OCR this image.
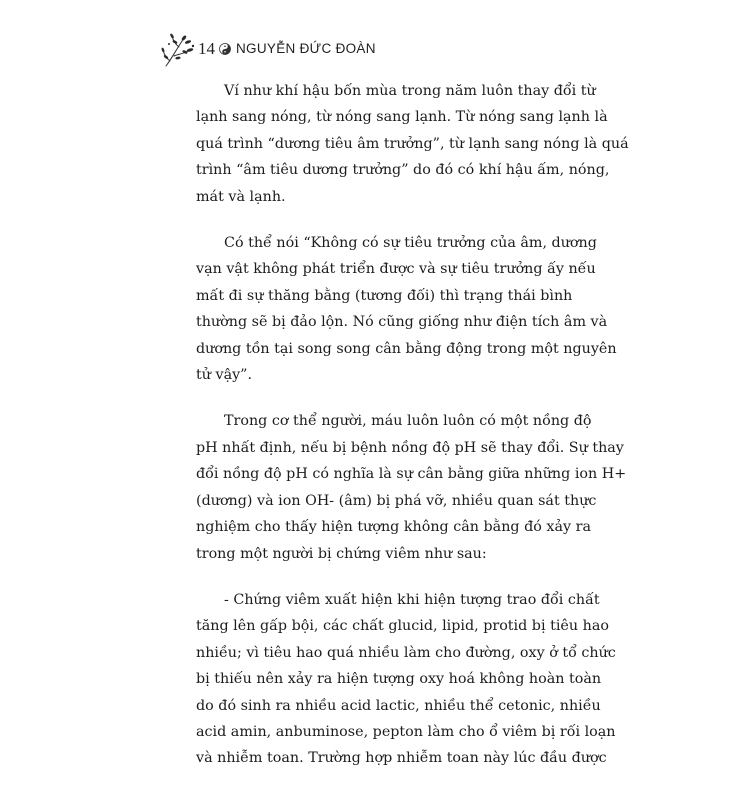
14 NGUYỄN ĐỨC ĐOÀN

Ví như khí hậu bốn mùa trong năm luôn thay đổi từ
lạnh sang nóng, từ nóng sang lạnh. Từ nóng sang lạnh là
quá trình “dương tiêu âm trưởng”, từ lạnh sang nóng là quá
trình “âm tiêu dương trưởng” do đó có khí hậu ấm, nóng,
mát và lạnh.

Có thể nói “Không có sự tiêu trưởng của âm, dương
vạn vật không phát triển được và sự tiêu trưởng ấy nếu
mất đi sự thăng bằng (tương đối) thì trạng thái bình
thường sẽ bị đảo lộn. Nó cũng giống như điện tích âm và
dương tồn tại song song cân bằng động trong một nguyên
tử vậy”.

Trong cơ thể người, máu luôn luôn có một nồng độ
pH nhất định, nếu bị bệnh nồng độ pH sẽ thay đổi. Sự thay
đổi nồng độ pH có nghĩa là sự cân bằng giữa những ion H+
(dương) và ion OH- (âm) bị phá vỡ, nhiều quan sát thực
nghiệm cho thấy hiện tượng không cân bằng đó xảy ra
trong một người bị chứng viêm như sau:

- Chứng viêm xuất hiện khi hiện tượng trao đổi chất
tăng lên gấp bội, các chất glucid, lipid, protid bị tiêu hao
nhiều; vì tiêu hao quá nhiều làm cho đường, oxy ở tổ chức
bị thiếu nên xảy ra hiện tượng oxy hoá không hoàn toàn
do đó sinh ra nhiều acid lactic, nhiều thể cetonic, nhiều
acid amin, anbuminose, pepton làm cho ổ viêm bị rối loạn
và nhiễm toan. Trường hợp nhiễm toan này lúc đầu được
